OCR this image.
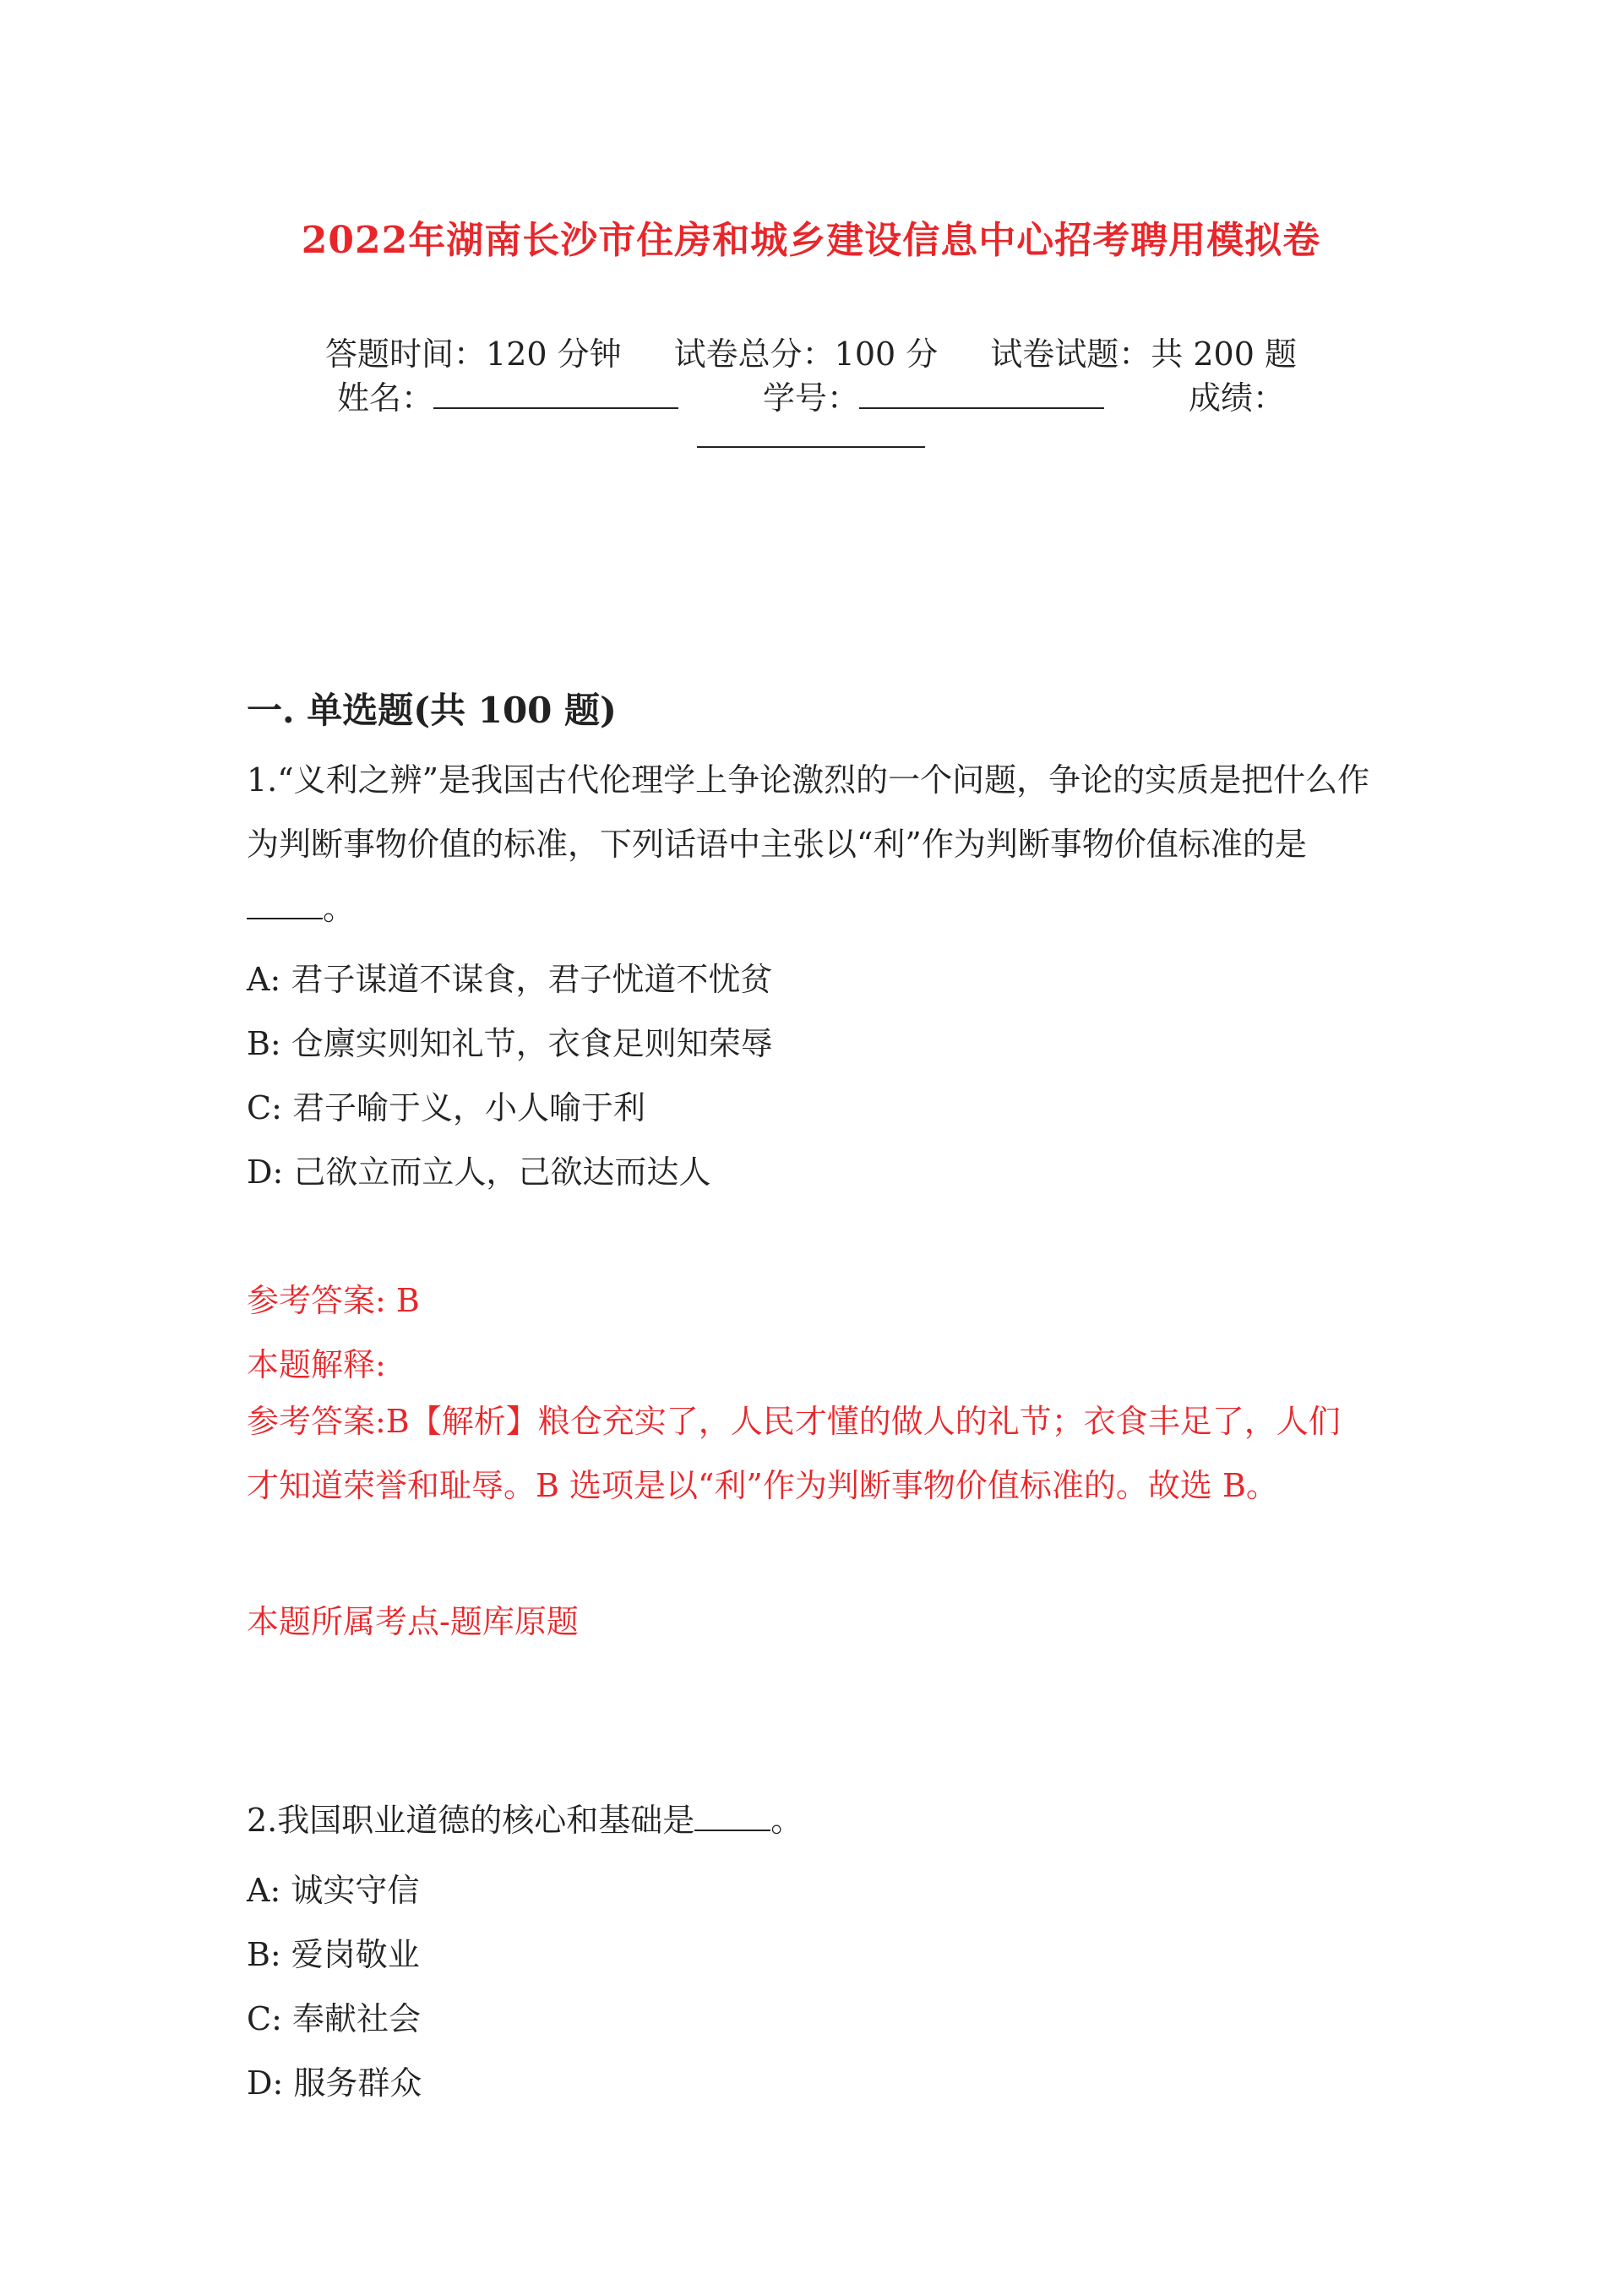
2022年湖南长沙市住房和城乡建设信息中心招考聘用模拟卷
答题时间：120 分钟 试卷总分：100 分 试卷试题：共 200 题
姓名：	学号：	成绩：
一. 单选题(共 100 题)
1.“义利之辨”是我国古代伦理学上争论激烈的一个问题，争论的实质是把什么作为判断事物价值的标准，下列话语中主张以“利”作为判断事物价值标准的是。
A: 君子谋道不谋食，君子忧道不忧贫
B: 仓廪实则知礼节，衣食足则知荣辱
C: 君子喻于义，小人喻于利
D: 己欲立而立人，己欲达而达人
参考答案: B
本题解释:
参考答案:B【解析】粮仓充实了，人民才懂的做人的礼节；衣食丰足了，人们才知道荣誉和耻辱。B 选项是以“利”作为判断事物价值标准的。故选 B。
本题所属考点-题库原题
2.我国职业道德的核心和基础是 。
A: 诚实守信
B: 爱岗敬业
C: 奉献社会
D: 服务群众
